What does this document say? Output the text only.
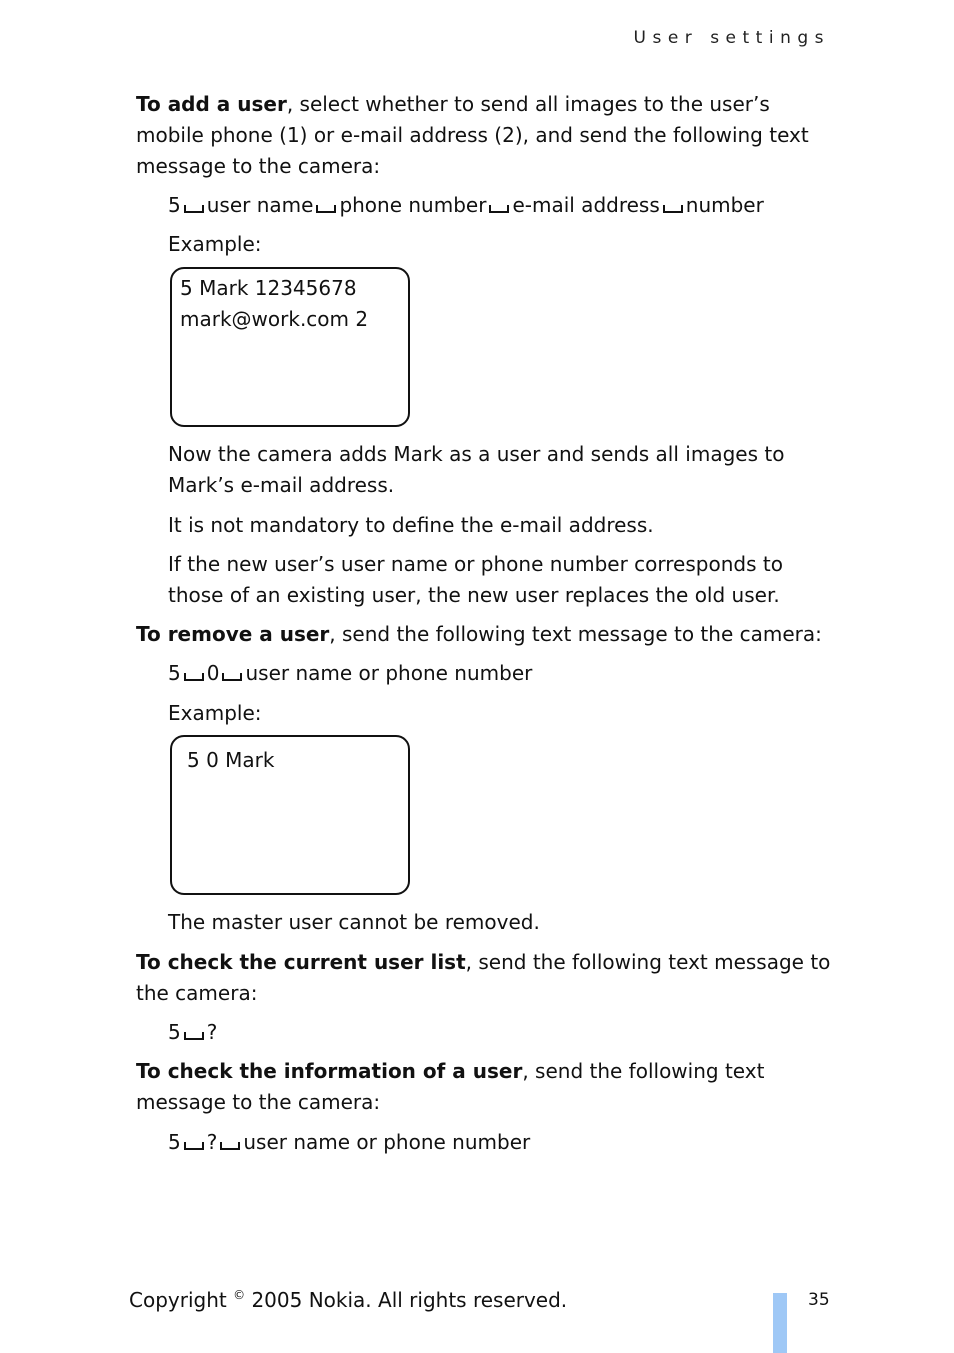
User settings
To add a user, select whether to send all images to the user’s mobile phone (1) or e-mail address (2), and send the following text message to the camera:
5 user name phone number e-mail address number
Example:
5 Mark 12345678
mark@work.com 2
Now the camera adds Mark as a user and sends all images to Mark’s e-mail address.
It is not mandatory to define the e-mail address.
If the new user’s user name or phone number corresponds to those of an existing user, the new user replaces the old user.
To remove a user, send the following text message to the camera:
5 0 user name or phone number
Example:
5 0 Mark
The master user cannot be removed.
To check the current user list, send the following text message to the camera:
5 ?
To check the information of a user, send the following text message to the camera:
5 ? user name or phone number
Copyright © 2005 Nokia. All rights reserved.	35
